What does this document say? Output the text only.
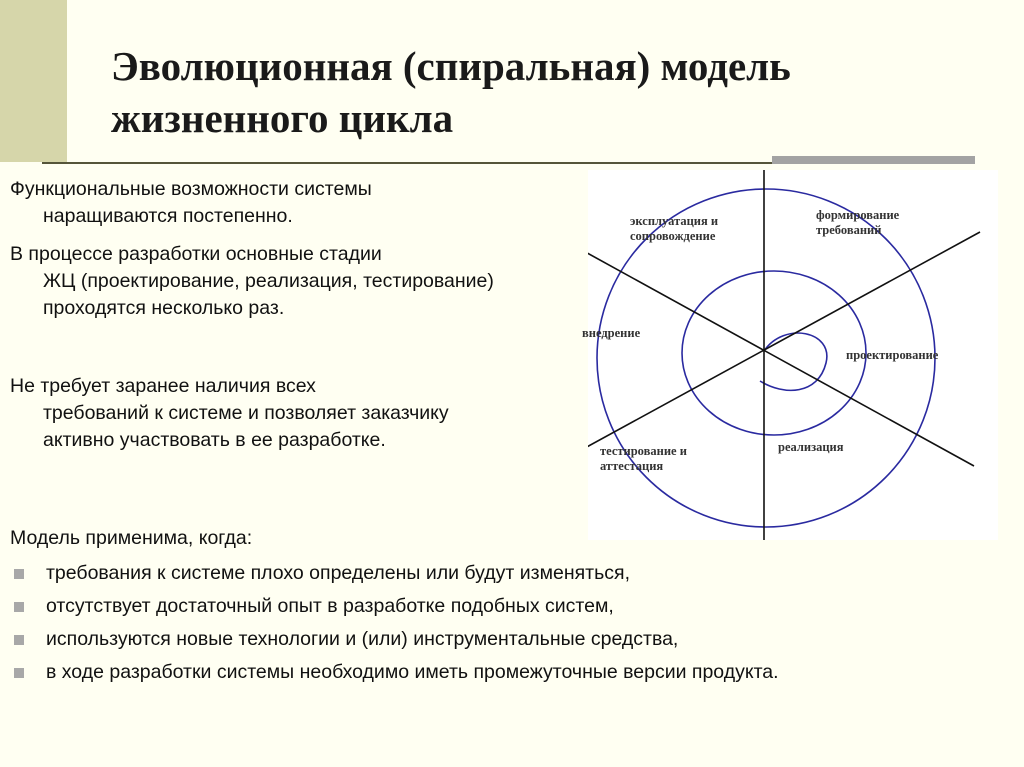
Эволюционная (спиральная) модель жизненного цикла

Функциональные возможности системы
наращиваются постепенно.

В процессе разработки основные стадии
ЖЦ (проектирование, реализация, тестирование) проходятся несколько раз.

Не требует заранее наличия всех
требований к системе и позволяет заказчику активно участвовать в ее разработке.

эксплуатация и
сопровождение
формирование
требований
внедрение
проектирование
тестирование и
аттестация
реализация

Модель применима, когда:

требования к системе плохо определены или будут изменяться,
отсутствует достаточный опыт в разработке подобных систем,
используются новые технологии и (или) инструментальные средства,
в ходе разработки системы необходимо иметь промежуточные версии продукта.
